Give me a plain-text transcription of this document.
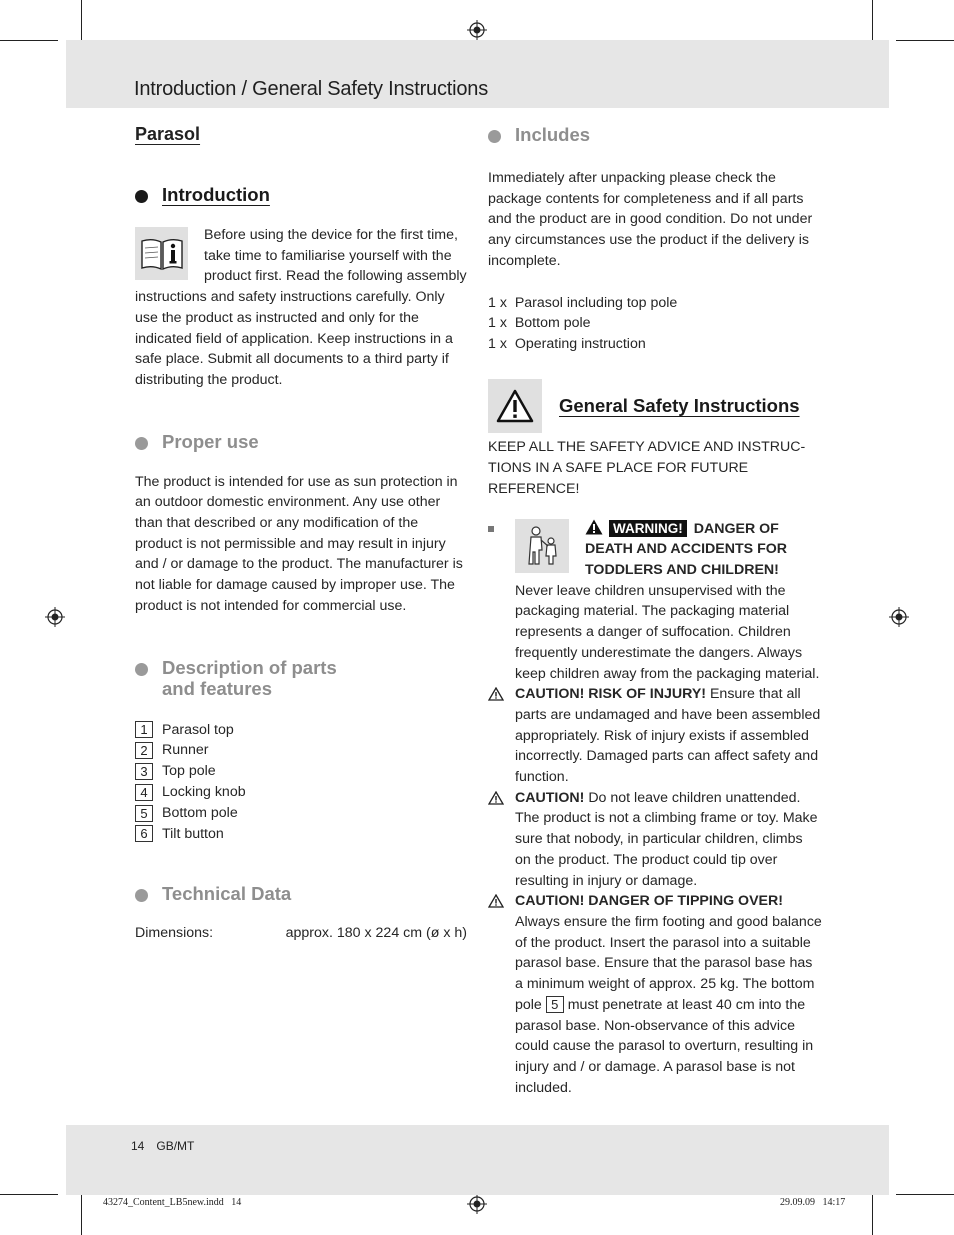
Introduction / General Safety Instructions
Parasol
Introduction
Before using the device for the first time, take time to familiarise yourself with the product first. Read the following assembly instructions and safety instructions carefully. Only use the product as instructed and only for the indicated field of application. Keep instructions in a safe place. Submit all documents to a third party if distributing the product.
Proper use
The product is intended for use as sun protection in an outdoor domestic environment. Any use other than that described or any modification of the product is not permissible and may result in injury and / or damage to the product. The manufacturer is not liable for damage caused by improper use. The product is not intended for commercial use.
Description of parts
and features
1	Parasol top
2	Runner
3	Top pole
4	Locking knob
5	Bottom pole
6	Tilt button
Technical Data
Dimensions:	approx. 180 x 224 cm (ø x h)
Includes
Immediately after unpacking please check the package contents for completeness and if all parts and the product are in good condition. Do not under any circumstances use the product if the delivery is incomplete.
1 x Parasol including top pole
1 x Bottom pole
1 x Operating instruction
General Safety Instructions
KEEP ALL THE SAFETY ADVICE AND INSTRUC-
TIONS IN A SAFE PLACE FOR FUTURE
REFERENCE!
WARNING! DANGER OF DEATH AND ACCIDENTS FOR TODDLERS AND CHILDREN!
Never leave children unsupervised with the packaging material. The packaging material represents a danger of suffocation. Children frequently underestimate the dangers. Always keep children away from the packaging material.
CAUTION! RISK OF INJURY! Ensure that all parts are undamaged and have been assembled appropriately. Risk of injury exists if assembled incorrectly. Damaged parts can affect safety and function.
CAUTION! Do not leave children unattended. The product is not a climbing frame or toy. Make sure that nobody, in particular children, climbs on the product. The product could tip over resulting in injury or damage.
CAUTION! DANGER OF TIPPING OVER!
Always ensure the firm footing and good balance of the product. Insert the parasol into a suitable parasol base. Ensure that the parasol base has a minimum weight of approx. 25 kg. The bottom pole 5 must penetrate at least 40 cm into the parasol base. Non-observance of this advice could cause the parasol to overturn, resulting in injury and / or damage. A parasol base is not included.
14 GB/MT
43274_Content_LB5new.indd   14	29.09.09   14:17
